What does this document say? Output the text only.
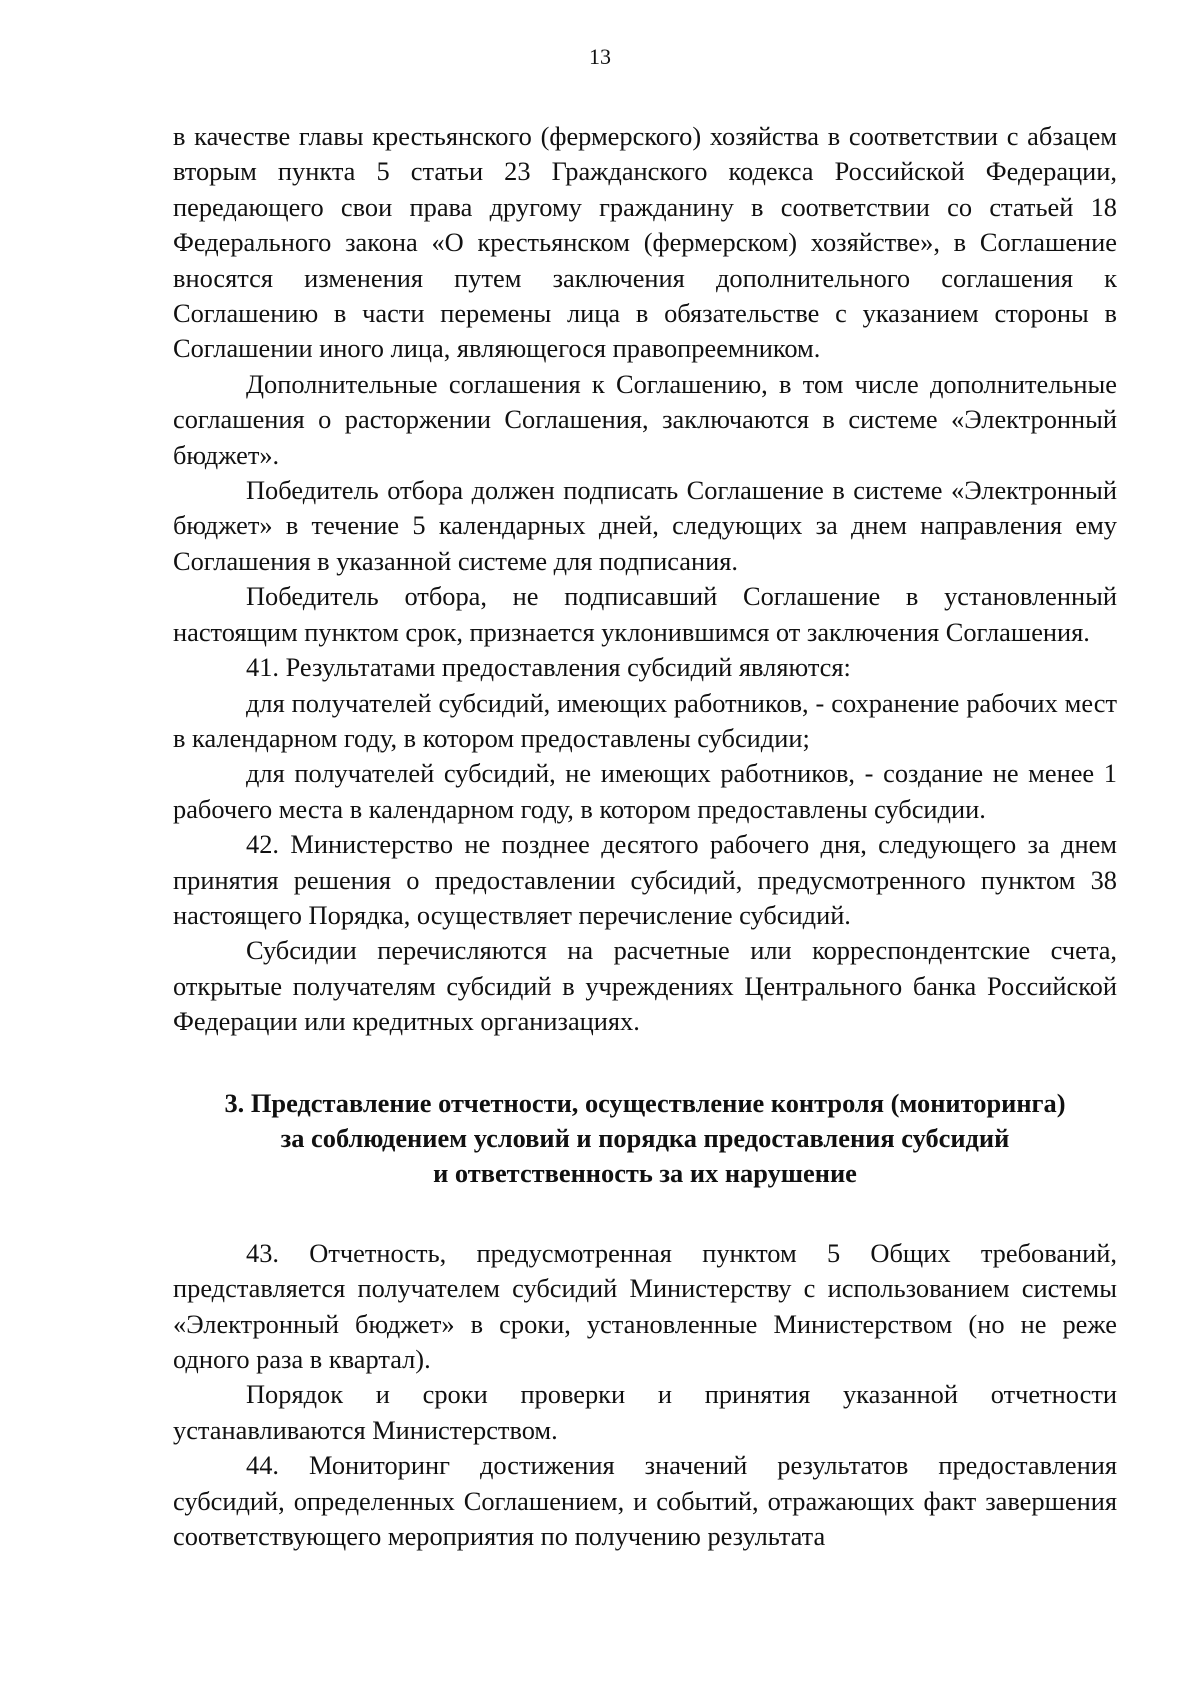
13

в качестве главы крестьянского (фермерского) хозяйства в соответствии с абзацем вторым пункта 5 статьи 23 Гражданского кодекса Российской Федерации, передающего свои права другому гражданину в соответствии со статьей 18 Федерального закона «О крестьянском (фермерском) хозяйстве», в Соглашение вносятся изменения путем заключения дополнительного соглашения к Соглашению в части перемены лица в обязательстве с указанием стороны в Соглашении иного лица, являющегося правопреемником.

Дополнительные соглашения к Соглашению, в том числе дополнительные соглашения о расторжении Соглашения, заключаются в системе «Электронный бюджет».

Победитель отбора должен подписать Соглашение в системе «Электронный бюджет» в течение 5 календарных дней, следующих за днем направления ему Соглашения в указанной системе для подписания.

Победитель отбора, не подписавший Соглашение в установленный настоящим пунктом срок, признается уклонившимся от заключения Соглашения.

41. Результатами предоставления субсидий являются:

для получателей субсидий, имеющих работников, - сохранение рабочих мест в календарном году, в котором предоставлены субсидии;

для получателей субсидий, не имеющих работников, - создание не менее 1 рабочего места в календарном году, в котором предоставлены субсидии.

42. Министерство не позднее десятого рабочего дня, следующего за днем принятия решения о предоставлении субсидий, предусмотренного пунктом 38 настоящего Порядка, осуществляет перечисление субсидий.

Субсидии перечисляются на расчетные или корреспондентские счета, открытые получателям субсидий в учреждениях Центрального банка Российской Федерации или кредитных организациях.

3. Представление отчетности, осуществление контроля (мониторинга)
за соблюдением условий и порядка предоставления субсидий
и ответственность за их нарушение

43. Отчетность, предусмотренная пунктом 5 Общих требований, представляется получателем субсидий Министерству с использованием системы «Электронный бюджет» в сроки, установленные Министерством (но не реже одного раза в квартал).

Порядок и сроки проверки и принятия указанной отчетности устанавливаются Министерством.

44. Мониторинг достижения значений результатов предоставления субсидий, определенных Соглашением, и событий, отражающих факт завершения соответствующего мероприятия по получению результата
